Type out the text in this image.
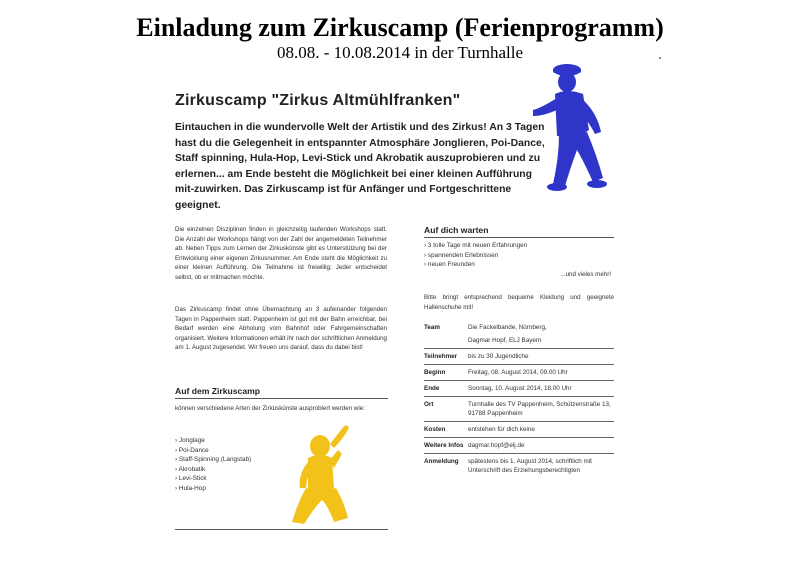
Einladung zum Zirkuscamp (Ferienprogramm)
08.08. - 10.08.2014 in der Turnhalle
Zirkuscamp "Zirkus Altmühlfranken"
Eintauchen in die wundervolle Welt der Artistik und des Zirkus! An 3 Tagen hast du die Gelegenheit in entspannter Atmosphäre Jonglieren, Poi-Dance, Staff spinning, Hula-Hop, Levi-Stick und Akrobatik auszuprobieren und zu erlernen... am Ende besteht die Möglichkeit bei einer kleinen Aufführung mit-zuwirken. Das Zirkuscamp ist für Anfänger und Fortgeschrittene geeignet.
Die einzelnen Disziplinen finden in gleichzeitig laufenden Workshops statt. Die Anzahl der Workshops hängt von der Zahl der angemeldeten Teilnehmer ab. Neben Tipps zum Lernen der Zirkuskünste gibt es Unterstützung bei der Entwicklung einer eigenen Zirkusnummer. Am Ende steht die Möglichkeit zu einer kleinen Aufführung. Die Teilnahme ist freiwillig; Jeder entscheidet selbst, ob er mitmachen möchte.
Das Zirkuscamp findet ohne Übernachtung an 3 aufeinander folgenden Tagen in Pappenheim statt. Pappenheim ist gut mit der Bahn erreichbar, bei Bedarf werden eine Abholung vom Bahnhof oder Fahrgemeinschaften organisiert. Weitere Informationen erhält ihr nach der schriftlichen Anmeldung am 1. August zugesendet. Wir freuen uns darauf, dass du dabei bist!
Auf dem Zirkuscamp
können verschiedene Arten der Zirkuskünste ausprobiert werden wie:
› Jonglage
› Poi-Dance
› Staff-Spinning (Langstab)
› Akrobatik
› Levi-Stick
› Hula-Hop
Auf dich warten
› 3 tolle Tage mit neuen Erfahrungen
› spannenden Erlebnissen
› neuen Freunden
...und vieles mehr!
Bitte bringt entsprechend bequeme Kleidung und geeignete Hallenschuhe mit!
Team	Die Fackelbande, Nürnberg,
Dagmar Hopf, ELJ Bayern

Teilnehmer	bis zu 30 Jugendliche
Beginn	Freitag, 08. August 2014, 09.00 Uhr
Ende	Sonntag, 10. August 2014, 18.00 Uhr
Ort	Turnhalle des TV Pappenheim, Schützenstraße 13, 91788 Pappenheim
Kosten	entstehen für dich keine
Weitere Infos	dagmar.hopf@elj.de
Anmeldung	spätestens bis 1. August 2014, schriftlich mit Unterschrift des Erziehungsberechtigten
